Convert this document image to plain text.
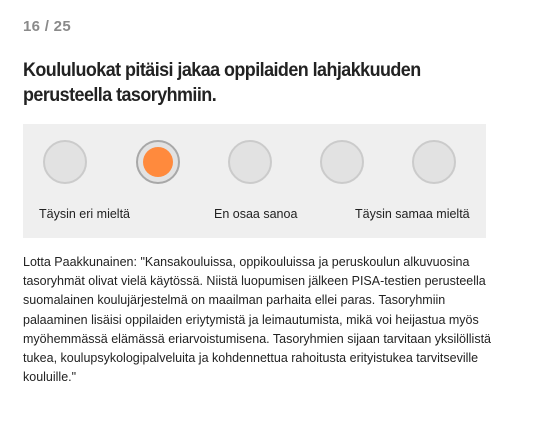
16 / 25
Koululuokat pitäisi jakaa oppilaiden lahjakkuuden perusteella tasoryhmiin.
Täysin eri mieltä	En osaa sanoa	Täysin samaa mieltä
Lotta Paakkunainen: "Kansakouluissa, oppikouluissa ja peruskoulun alkuvuosina tasoryhmät olivat vielä käytössä. Niistä luopumisen jälkeen PISA-testien perusteella suomalainen koulujärjestelmä on maailman parhaita ellei paras. Tasoryhmiin palaaminen lisäisi oppilaiden eriytymistä ja leimautumista, mikä voi heijastua myös myöhemmässä elämässä eriarvoistumisena. Tasoryhmien sijaan tarvitaan yksilöllistä tukea, koulupsykologipalveluita ja kohdennettua rahoitusta erityistukea tarvitseville kouluille."
